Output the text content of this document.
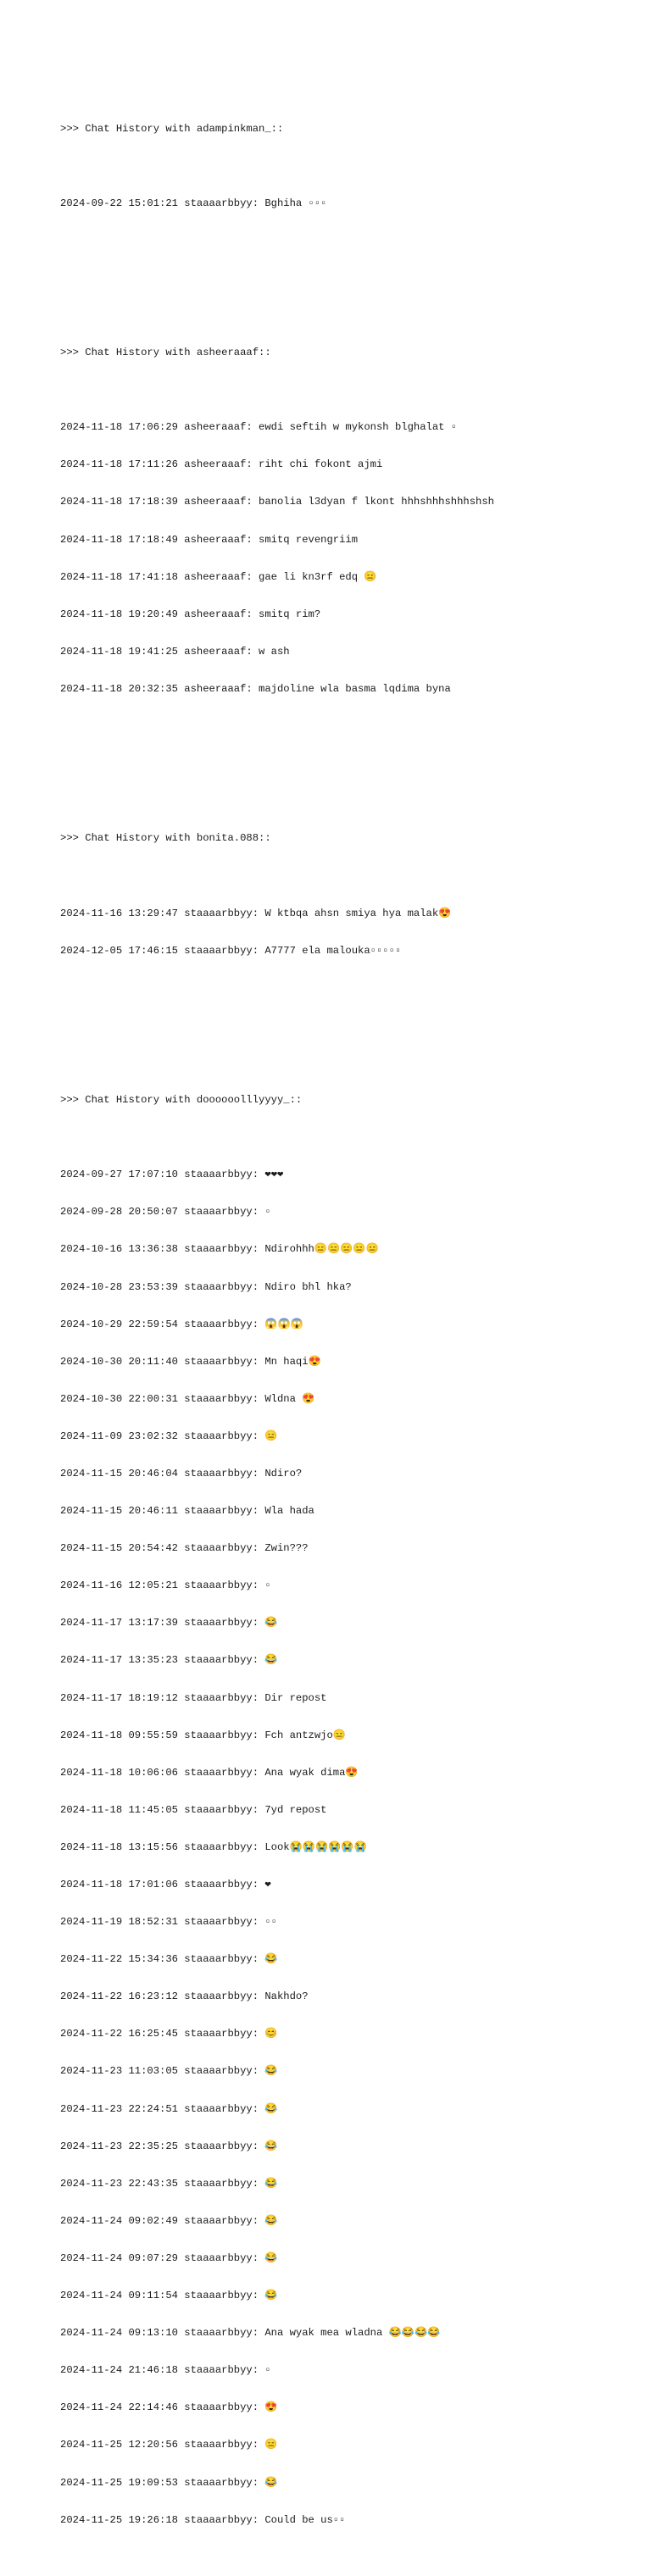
>>> Chat History with adampinkman_::

2024-09-22 15:01:21 staaaarbbyy: Bghiha ▫▫▫

>>> Chat History with asheeraaaf::

2024-11-18 17:06:29 asheeraaaf: ewdi seftih w mykonsh blghalat ▫

2024-11-18 17:11:26 asheeraaaf: riht chi fokont ajmi

2024-11-18 17:18:39 asheeraaaf: banolia l3dyan f lkont hhhshhhshhhshsh

2024-11-18 17:18:49 asheeraaaf: smitq revengriim

2024-11-18 17:41:18 asheeraaaf: gae li kn3rf edq 😑

2024-11-18 19:20:49 asheeraaaf: smitq rim?

2024-11-18 19:41:25 asheeraaaf: w ash

2024-11-18 20:32:35 asheeraaaf: majdoline wla basma lqdima byna

>>> Chat History with bonita.088::

2024-11-16 13:29:47 staaaarbbyy: W ktbqa ahsn smiya hya malak😍

2024-12-05 17:46:15 staaaarbbyy: A7777 ela malouka▫▫▫▫▫

>>> Chat History with doooooolllyyyy_::

2024-09-27 17:07:10 staaaarbbyy: ❤❤❤

2024-09-28 20:50:07 staaaarbbyy: ▫

2024-10-16 13:36:38 staaaarbbyy: Ndirohhh😑😑😑😑😑

2024-10-28 23:53:39 staaaarbbyy: Ndiro bhl hka?

2024-10-29 22:59:54 staaaarbbyy: 😱😱😱

2024-10-30 20:11:40 staaaarbbyy: Mn haqi😍

2024-10-30 22:00:31 staaaarbbyy: Wldna 😍

2024-11-09 23:02:32 staaaarbbyy: 😑

2024-11-15 20:46:04 staaaarbbyy: Ndiro?

2024-11-15 20:46:11 staaaarbbyy: Wla hada

2024-11-15 20:54:42 staaaarbbyy: Zwin???

2024-11-16 12:05:21 staaaarbbyy: ▫

2024-11-17 13:17:39 staaaarbbyy: 😂

2024-11-17 13:35:23 staaaarbbyy: 😂

2024-11-17 18:19:12 staaaarbbyy: Dir repost

2024-11-18 09:55:59 staaaarbbyy: Fch antzwjo😑

2024-11-18 10:06:06 staaaarbbyy: Ana wyak dima😍

2024-11-18 11:45:05 staaaarbbyy: 7yd repost

2024-11-18 13:15:56 staaaarbbyy: Look😭😭😭😭😭😭

2024-11-18 17:01:06 staaaarbbyy: ❤

2024-11-19 18:52:31 staaaarbbyy: ▫▫

2024-11-22 15:34:36 staaaarbbyy: 😂

2024-11-22 16:23:12 staaaarbbyy: Nakhdo?

2024-11-22 16:25:45 staaaarbbyy: 😊

2024-11-23 11:03:05 staaaarbbyy: 😂

2024-11-23 22:24:51 staaaarbbyy: 😂

2024-11-23 22:35:25 staaaarbbyy: 😂

2024-11-23 22:43:35 staaaarbbyy: 😂

2024-11-24 09:02:49 staaaarbbyy: 😂

2024-11-24 09:07:29 staaaarbbyy: 😂

2024-11-24 09:11:54 staaaarbbyy: 😂

2024-11-24 09:13:10 staaaarbbyy: Ana wyak mea wladna 😂😂😂😂

2024-11-24 21:46:18 staaaarbbyy: ▫

2024-11-24 22:14:46 staaaarbbyy: 😍

2024-11-25 12:20:56 staaaarbbyy: 😑

2024-11-25 19:09:53 staaaarbbyy: 😂

2024-11-25 19:26:18 staaaarbbyy: Could be us▫▫
